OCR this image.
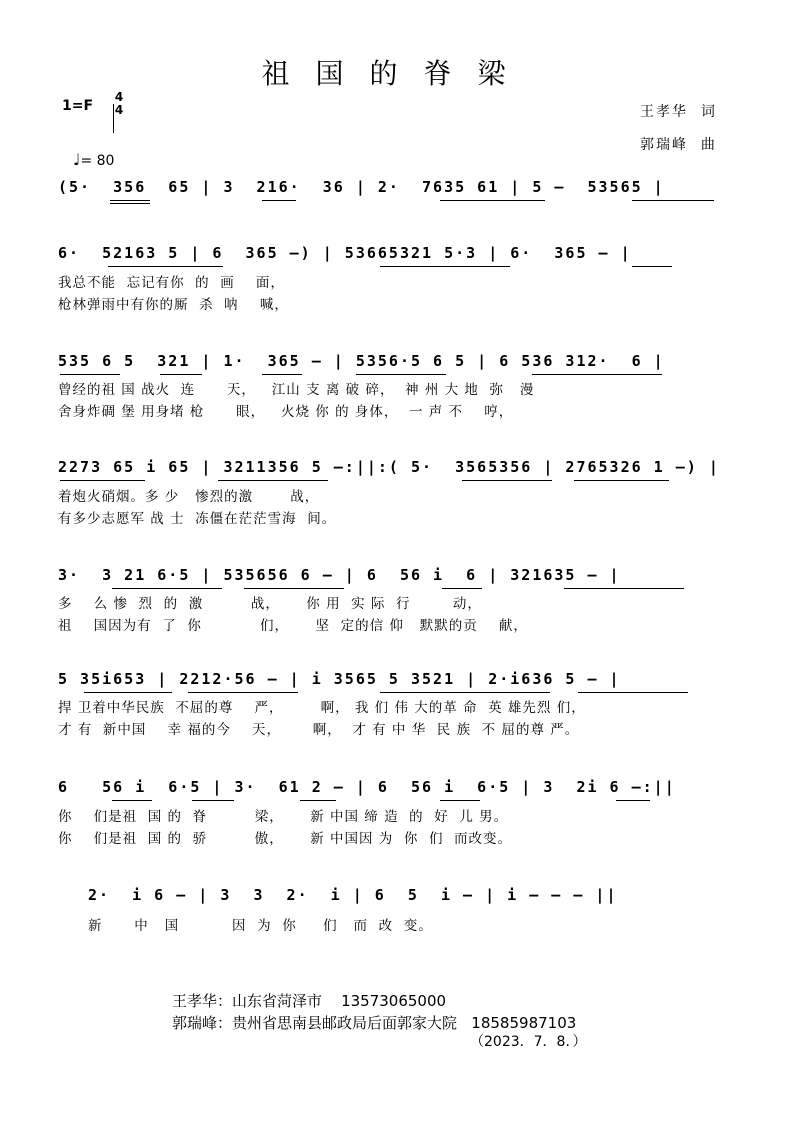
祖国的脊梁
1=F
4
4

♩= 80

王孝华  词
郭瑞峰  曲
(5·  356  65 | 3  216·  36 | 2·  7635 61 | 5 —  53565 |
6·  52163 5 | 6  365 —) | 53665321 5·3 | 6·  365 — |
我总不能  忘记有你  的  画    面，
枪林弹雨中有你的厮  杀  呐    喊，
535 6 5  321 | 1·  365 — | 5356·5 6 5 | 6 536 312·  6 |
曾经的祖 国 战火  连      天，   江山 支 离 破 碎，  神 州 大 地  弥   漫
舍身炸碉 堡 用身堵 枪      眼，   火烧 你 的 身体，  一 声 不    哼，
2273 65 i 65 | 3211356 5 —:||:( 5·  3565356 | 2765326 1 —) |
着炮火硝烟。多 少   惨烈的激       战，
有多少志愿军 战 士  冻僵在茫茫雪海  间。
3·  3 21 6·5 | 535656 6 — | 6  56 i  6 | 321635 — |
多    么 惨  烈  的  激         战，     你 用  实 际  行        动，
祖    国因为有  了  你           们，     坚  定的信 仰   默默的贡    献，
5 35i653 | 2212·56 — | i 3565 5 3521 | 2·i636 5 — |
捍 卫着中华民族  不屈的尊    严，       啊， 我 们 伟 大的革 命  英 雄先烈 们，
才 有  新中国    幸 福的今    天，      啊，  才 有 中 华  民 族  不 屈的尊 严。
6   56 i  6·5 | 3·  61 2 — | 6  56 i  6·5 | 3  2i 6 —:||
你    们是祖  国 的  脊         梁，     新 中国 缔 造  的  好  儿 男。
你    们是祖  国 的  骄         傲，     新 中国因 为  你  们  而改变。
2·  i 6 — | 3  3  2·  i | 6  5  i — | i — — — ||
新      中   国          因  为  你     们   而  改  变。
王孝华：山东省菏泽市    13573065000
郭瑞峰：贵州省思南县邮政局后面郭家大院   18585987103
（2023．7．8．）
